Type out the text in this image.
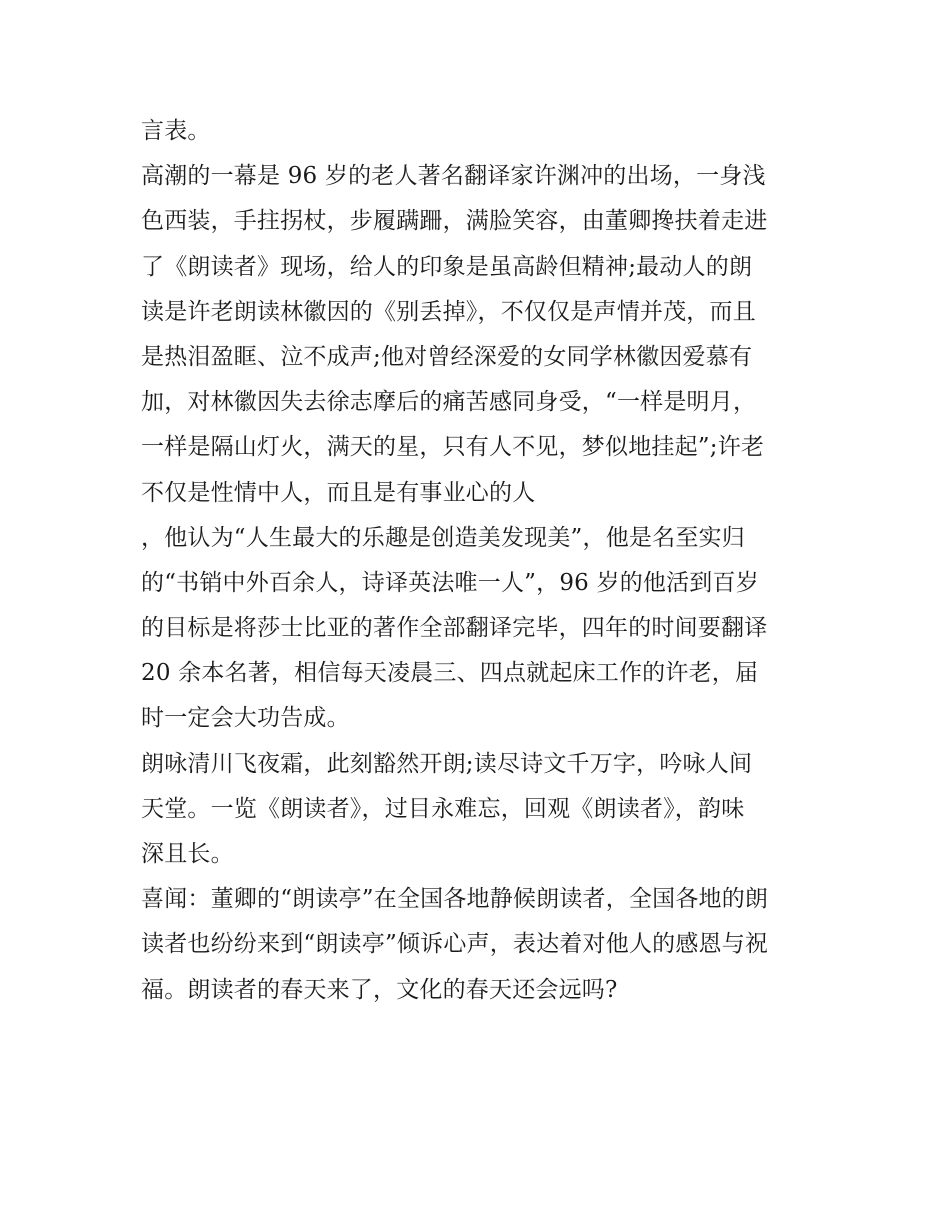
言表。
高潮的一幕是 96 岁的老人著名翻译家许渊冲的出场，一身浅
色西装，手拄拐杖，步履蹒跚，满脸笑容，由董卿搀扶着走进
了《朗读者》现场，给人的印象是虽高龄但精神;最动人的朗
读是许老朗读林徽因的《别丢掉》，不仅仅是声情并茂，而且
是热泪盈眶、泣不成声;他对曾经深爱的女同学林徽因爱慕有
加，对林徽因失去徐志摩后的痛苦感同身受，“一样是明月，
一样是隔山灯火，满天的星，只有人不见，梦似地挂起”;许老
不仅是性情中人，而且是有事业心的人
，他认为“人生最大的乐趣是创造美发现美”，他是名至实归
的“书销中外百余人，诗译英法唯一人”，96 岁的他活到百岁
的目标是将莎士比亚的著作全部翻译完毕，四年的时间要翻译
20 余本名著，相信每天凌晨三、四点就起床工作的许老，届
时一定会大功告成。
朗咏清川飞夜霜，此刻豁然开朗;读尽诗文千万字，吟咏人间
天堂。一览《朗读者》，过目永难忘，回观《朗读者》，韵味
深且长。
喜闻：董卿的“朗读亭”在全国各地静候朗读者，全国各地的朗
读者也纷纷来到“朗读亭”倾诉心声，表达着对他人的感恩与祝
福。朗读者的春天来了，文化的春天还会远吗?
